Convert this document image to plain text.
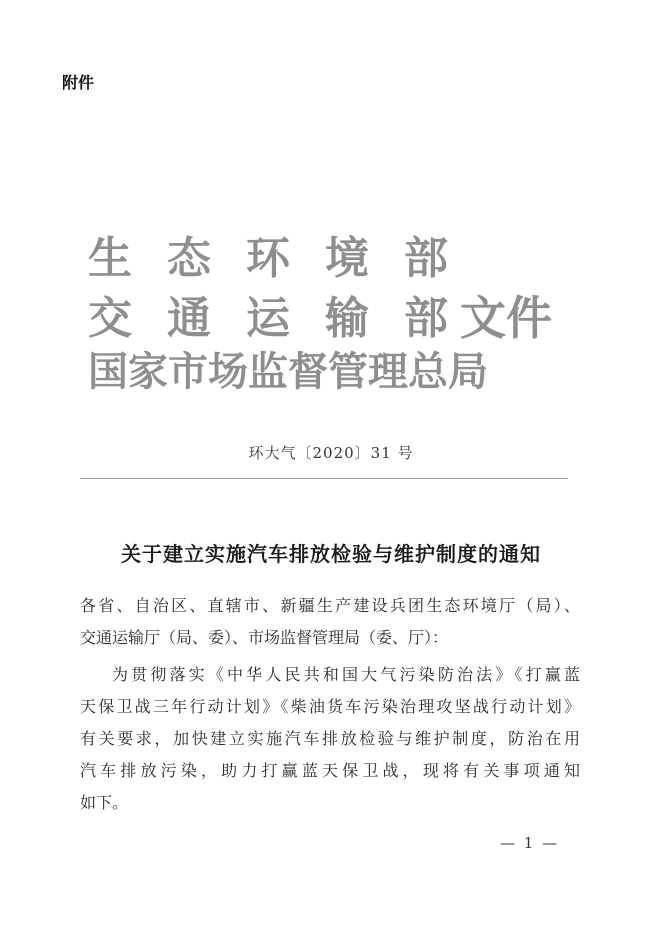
附件
生态环境部
交通运输部
国家市场监督管理总局
文件
环大气〔2020〕31 号
关于建立实施汽车排放检验与维护制度的通知
各省、自治区、直辖市、新疆生产建设兵团生态环境厅（局）、
交通运输厅（局、委）、市场监督管理局（委、厅）：
为贯彻落实《中华人民共和国大气污染防治法》《打赢蓝
天保卫战三年行动计划》《柴油货车污染治理攻坚战行动计划》
有关要求，加快建立实施汽车排放检验与维护制度，防治在用
汽车排放污染，助力打赢蓝天保卫战，现将有关事项通知
如下。
— 1 —
